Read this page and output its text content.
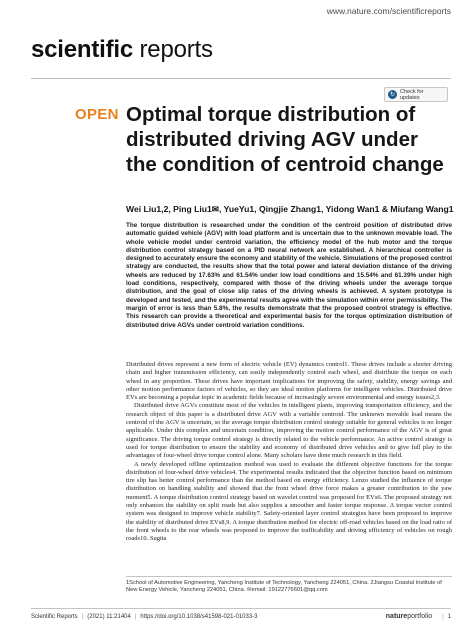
www.nature.com/scientificreports
scientific reports
↻
Check for updates
OPEN Optimal torque distribution of distributed driving AGV under the condition of centroid change
Wei Liu1,2, Ping Liu1✉, YueYu1, Qingjie Zhang1, Yidong Wan1 & Miufang Wang1
The torque distribution is researched under the condition of the centroid position of distributed drive automatic guided vehicle (AGV) with load platform and is uncertain due to the unknown movable load. The whole vehicle model under centroid variation, the efficiency model of the hub motor and the torque distribution control strategy based on a PID neural network are established. A hierarchical controller is designed to accurately ensure the economy and stability of the vehicle. Simulations of the proposed control strategy are conducted, the results show that the total power and lateral deviation distance of the driving wheels are reduced by 17.63% and 61.54% under low load conditions and 15.54% and 61.39% under high load conditions, respectively, compared with those of the driving wheels under the average torque distribution, and the goal of close slip rates of the driving wheels is achieved. A system prototype is developed and tested, and the experimental results agree with the simulation within error permissibility. The margin of error is less than 5.8%, the results demonstrate that the proposed control strategy is effective. This research can provide a theoretical and experimental basis for the torque optimization distribution of distributed drive AGVs under centroid variation conditions.

Distributed drives represent a new form of electric vehicle (EV) dynamics control1. These drives include a shorter driving chain and higher transmission efficiency, can easily independently control each wheel, and distribute the torque on each wheel in any proportion. These drives have important implications for improving the safety, stability, energy savings and other motion performance factors of vehicles, so they are ideal motion platforms for intelligent vehicles. Distributed drive EVs are becoming a popular topic in academic fields because of increasingly severe environmental and energy issues2,3.

Distributed drive AGVs constitute most of the vehicles in intelligent plants, improving transportation efficiency, and the research object of this paper is a distributed drive AGV with a variable centroid. The unknown movable load means the centroid of the AGV is uncertain, so the average torque distribution control strategy suitable for general vehicles is no longer applicable. Under this complex and uncertain condition, improving the motion control performance of the AGV is of great significance. The driving torque control strategy is directly related to the vehicle performance. An active control strategy is used for torque distribution to ensure the stability and economy of distributed drive vehicles and to give full play to the advantages of four-wheel drive torque control alone. Many scholars have done much research in this field.

A newly developed offline optimization method was used to evaluate the different objective functions for the torque distribution of four-wheel drive vehicles4. The experimental results indicated that the objective function based on minimum tire slip has better control performance than the method based on energy efficiency. Lenzo studied the influence of torque distribution on handling stability and showed that the front wheel drive force makes a greater contribution to the yaw moment5. A torque distribution control strategy based on wavelet control was proposed for EVs6. The proposed strategy not only enhances the stability on split roads but also supplies a smoother and faster torque response. A torque vector control system was designed to improve vehicle stability7. Safety-oriented layer control strategies have been proposed to improve the stability of distributed drive EVs8,9. A torque distribution method for electric off-road vehicles based on the load ratio of the front wheels to the rear wheels was proposed to improve the trafficability and driving efficiency of vehicles on rough roads10. Sugita

1School of Automotive Engineering, Yancheng Institute of Technology, Yancheng 224051, China. 2Jiangsu Coastal Institute of New Energy Vehicle, Yancheng 224051, China. ✉email: 19122776601@qq.com
Scientific Reports | (2021) 11:21404 | https://doi.org/10.1038/s41598-021-01033-3	natureportfolio | 1
